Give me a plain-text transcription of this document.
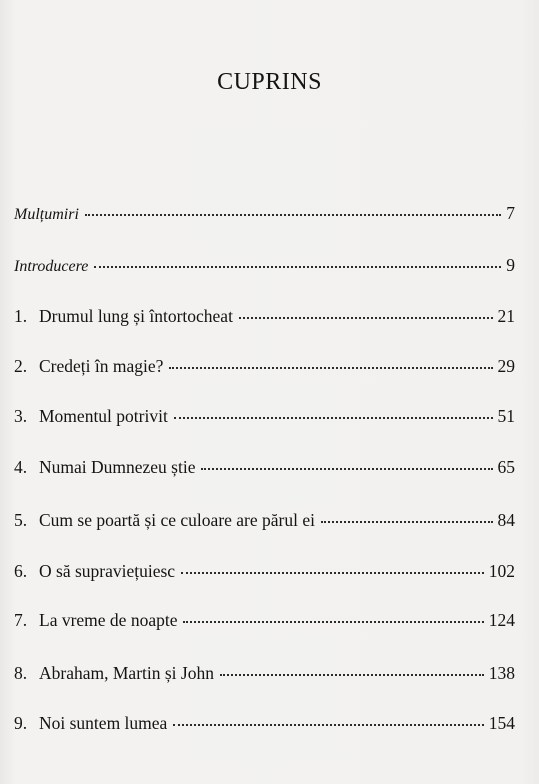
CUPRINS
Mulțumiri	7
Introducere	9
1. Drumul lung și întortocheat	21
2. Credeți în magie?	29
3. Momentul potrivit	51
4. Numai Dumnezeu știe	65
5. Cum se poartă și ce culoare are părul ei	84
6. O să supraviețuiesc	102
7. La vreme de noapte	124
8. Abraham, Martin și John	138
9. Noi suntem lumea	154
